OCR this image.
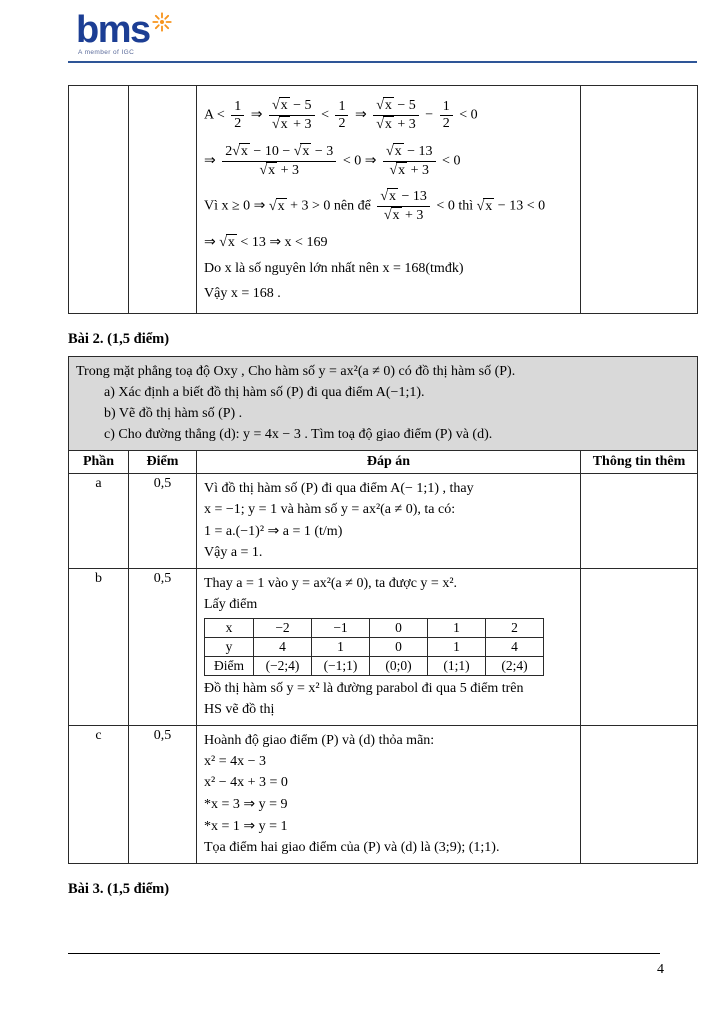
bms
A member of IGC

$A < \frac{1}{2}$ ⇒ $\frac{√x - 5}{√x + 3} < \frac{1}{2}$ ⇒ $\frac{√x - 5}{√x + 3} - \frac{1}{2} < 0$
⇒ $\frac{2√x - 10 - √x - 3}{√x + 3} < 0$ ⇒ $\frac{√x - 13}{√x + 3} < 0$
Vì x ≥ 0 ⇒ √x + 3 > 0 nên để $\frac{√x - 13}{√x + 3} < 0$ thì √x − 13 < 0
⇒ √x < 13 ⇒ x < 169
Do x là số nguyên lớn nhất nên x = 168(tmđk)
Vậy x = 168 .

Bài 2. (1,5 điểm)
Trong mặt phẳng toạ độ Oxy , Cho hàm số y = ax²(a ≠ 0) có đồ thị hàm số (P).
a) Xác định a biết đồ thị hàm số (P) đi qua điểm A(−1;1).
b) Vẽ đồ thị hàm số (P) .
c) Cho đường thẳng (d): y = 4x − 3 . Tìm toạ độ giao điểm (P) và (d).

Phần	Điểm	Đáp án	Thông tin thêm
a	0,5	Vì đồ thị hàm số (P) đi qua điểm A(− 1;1) , thay
x = −1; y = 1 và hàm số y = ax²(a ≠ 0), ta có:
1 = a.(−1)² ⇒ a = 1 (t/m)
Vậy a = 1.

b	0,5	Thay a = 1 vào y = ax²(a ≠ 0), ta được y = x².
Lấy điểm
x	−2	−1	0	1	2
y	4	1	0	1	4
Điểm	(−2;4)	(−1;1)	(0;0)	(1;1)	(2;4)
Đồ thị hàm số y = x² là đường parabol đi qua 5 điểm trên
HS vẽ đồ thị

c	0,5	Hoành độ giao điểm (P) và (d) thỏa mãn:
x² = 4x − 3
x² − 4x + 3 = 0
*x = 3 ⇒ y = 9
*x = 1 ⇒ y = 1
Tọa điểm hai giao điểm của (P) và (d) là (3;9); (1;1).

Bài 3. (1,5 điểm)
4
